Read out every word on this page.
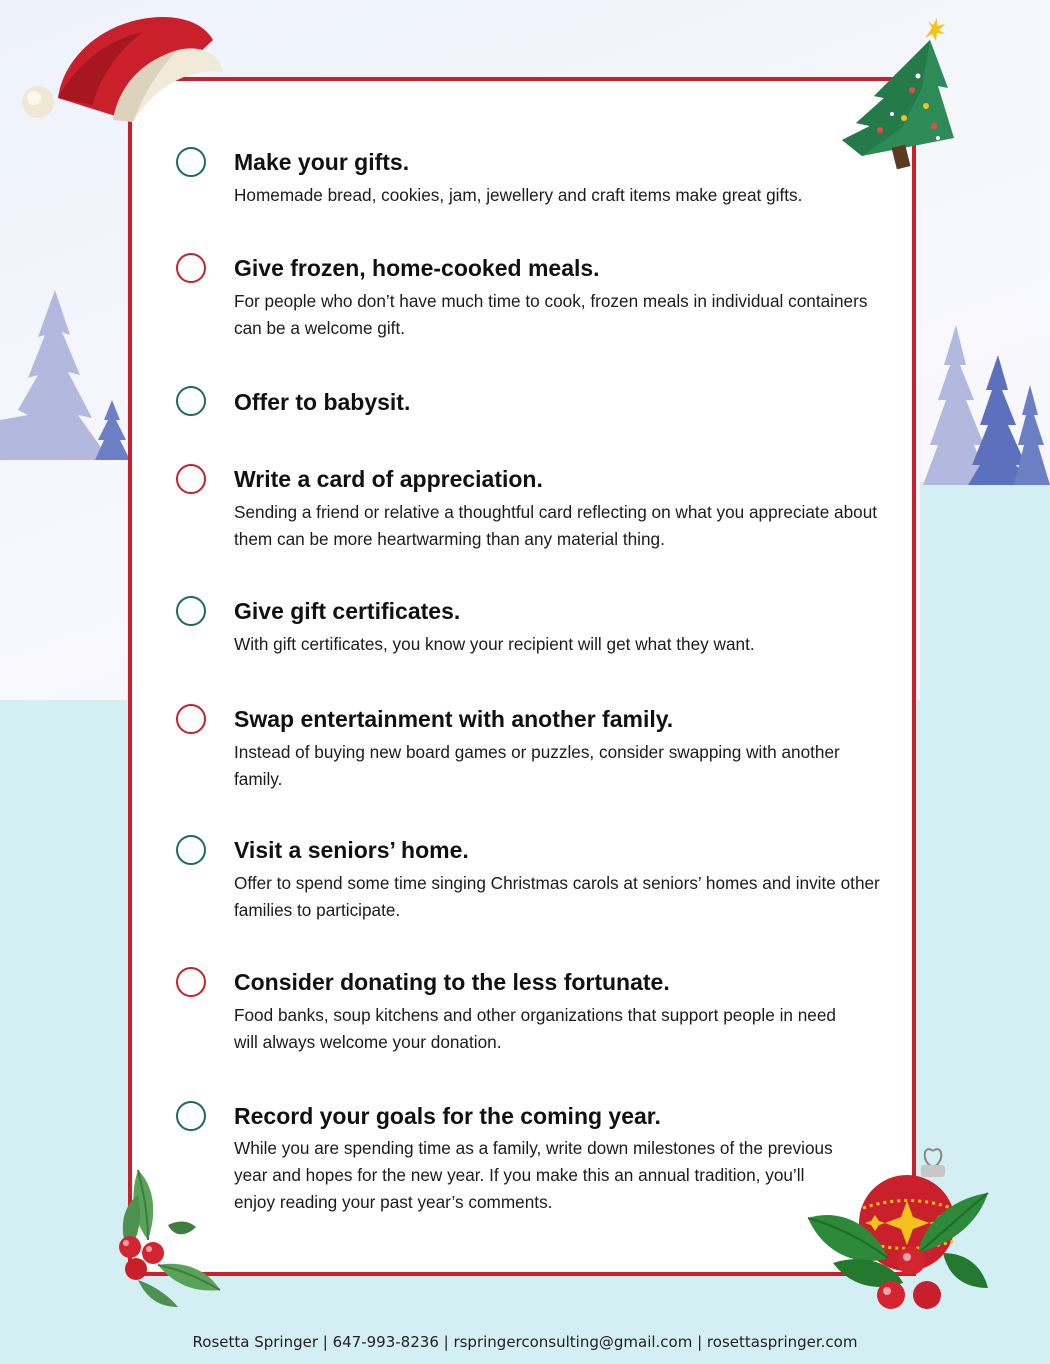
Make your gifts.
Homemade bread, cookies, jam, jewellery and craft items make great gifts.
Give frozen, home-cooked meals.
For people who don’t have much time to cook, frozen meals in individual containers can be a welcome gift.
Offer to babysit.
Write a card of appreciation.
Sending a friend or relative a thoughtful card reflecting on what you appreciate about them can be more heartwarming than any material thing.
Give gift certificates.
With gift certificates, you know your recipient will get what they want.
Swap entertainment with another family.
Instead of buying new board games or puzzles, consider swapping with another family.
Visit a seniors’ home.
Offer to spend some time singing Christmas carols at seniors’ homes and invite other families to participate.
Consider donating to the less fortunate.
Food banks, soup kitchens and other organizations that support people in need will always welcome your donation.
Record your goals for the coming year.
While you are spending time as a family, write down milestones of the previous year and hopes for the new year. If you make this an annual tradition, you’ll enjoy reading your past year’s comments.
Rosetta Springer | 647-993-8236 | rspringerconsulting@gmail.com | rosettaspringer.com
